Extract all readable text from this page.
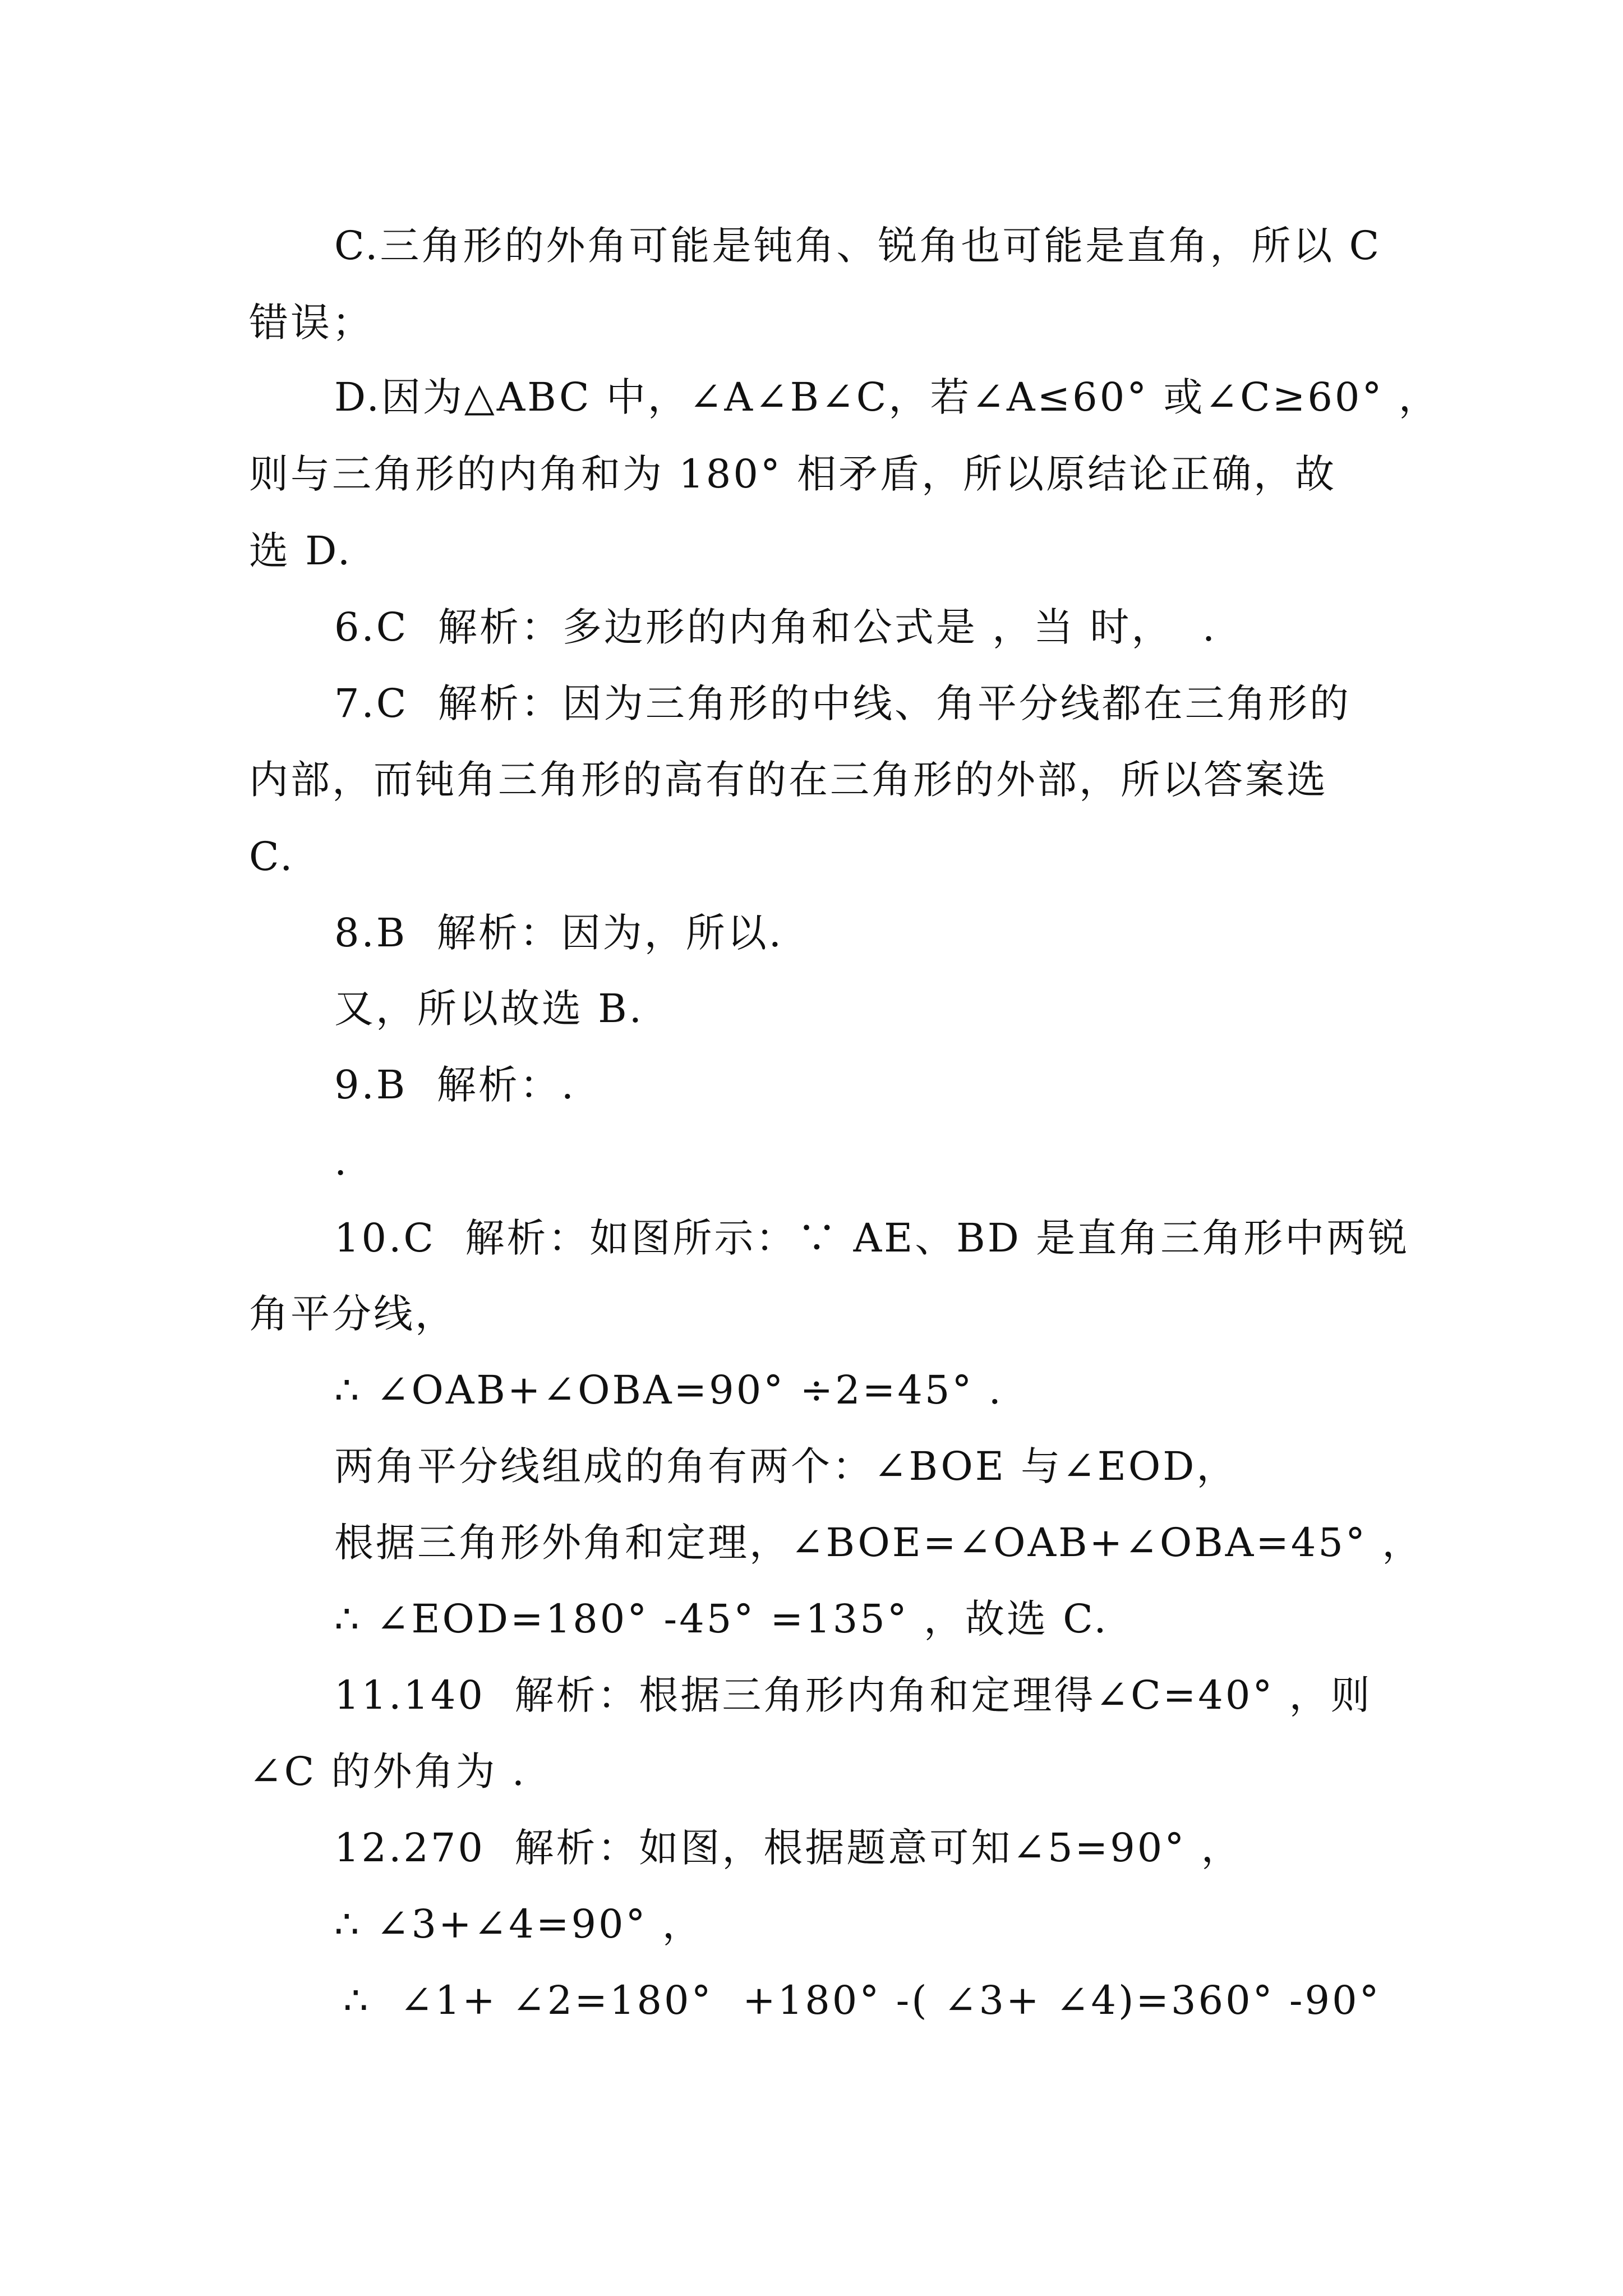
C.三角形的外角可能是钝角、锐角也可能是直角，所以 C
错误；
D.因为△ABC 中，∠A∠B∠C，若∠A≤60° 或∠C≥60° ，
则与三角形的内角和为 180° 相矛盾，所以原结论正确，故
选 D.
6.C  解析：多边形的内角和公式是 ，当 时，  .
7.C  解析：因为三角形的中线、角平分线都在三角形的
内部，而钝角三角形的高有的在三角形的外部，所以答案选
C.
8.B  解析：因为，所以.
又，所以故选 B.
9.B  解析：.
.
10.C  解析：如图所示：∵ AE、BD 是直角三角形中两锐
角平分线，
∴ ∠OAB+∠OBA=90° ÷2=45° .
两角平分线组成的角有两个：∠BOE 与∠EOD，
根据三角形外角和定理，∠BOE=∠OAB+∠OBA=45° ，
∴ ∠EOD=180° -45° =135° ，故选 C.
11.140  解析：根据三角形内角和定理得∠C=40° ，则
∠C 的外角为 .
12.270  解析：如图，根据题意可知∠5=90° ，
∴ ∠3+∠4=90° ，
∴  ∠1+ ∠2=180°  +180° -( ∠3+ ∠4)=360° -90°
